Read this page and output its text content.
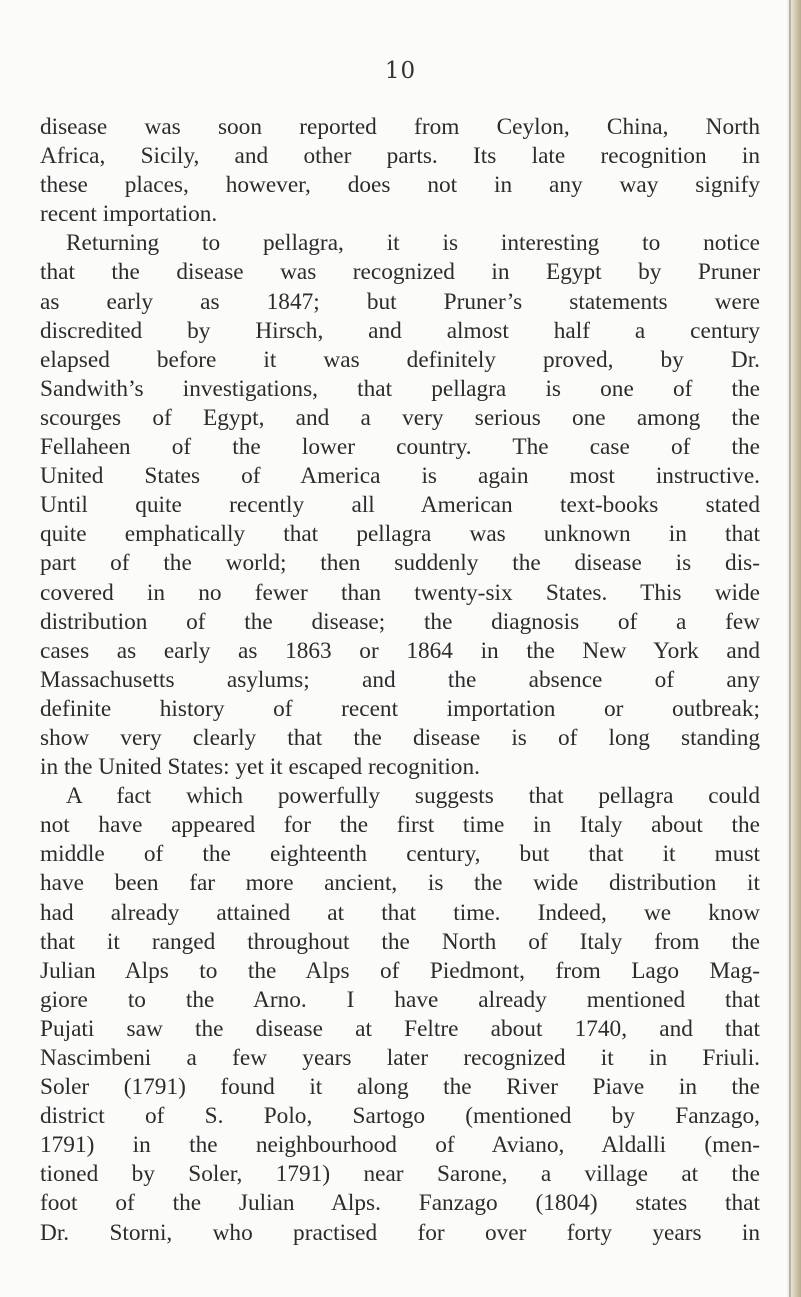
10
disease was soon reported from Ceylon, China, North
Africa, Sicily, and other parts. Its late recognition in
these places, however, does not in any way signify
recent importation.
Returning to pellagra, it is interesting to notice
that the disease was recognized in Egypt by Pruner
as early as 1847; but Pruner’s statements were
discredited by Hirsch, and almost half a century
elapsed before it was definitely proved, by Dr.
Sandwith’s investigations, that pellagra is one of the
scourges of Egypt, and a very serious one among the
Fellaheen of the lower country. The case of the
United States of America is again most instructive.
Until quite recently all American text-books stated
quite emphatically that pellagra was unknown in that
part of the world; then suddenly the disease is dis-
covered in no fewer than twenty-six States. This wide
distribution of the disease; the diagnosis of a few
cases as early as 1863 or 1864 in the New York and
Massachusetts asylums; and the absence of any
definite history of recent importation or outbreak;
show very clearly that the disease is of long standing
in the United States: yet it escaped recognition.
A fact which powerfully suggests that pellagra could
not have appeared for the first time in Italy about the
middle of the eighteenth century, but that it must
have been far more ancient, is the wide distribution it
had already attained at that time. Indeed, we know
that it ranged throughout the North of Italy from the
Julian Alps to the Alps of Piedmont, from Lago Mag-
giore to the Arno. I have already mentioned that
Pujati saw the disease at Feltre about 1740, and that
Nascimbeni a few years later recognized it in Friuli.
Soler (1791) found it along the River Piave in the
district of S. Polo, Sartogo (mentioned by Fanzago,
1791) in the neighbourhood of Aviano, Aldalli (men-
tioned by Soler, 1791) near Sarone, a village at the
foot of the Julian Alps. Fanzago (1804) states that
Dr. Storni, who practised for over forty years in
